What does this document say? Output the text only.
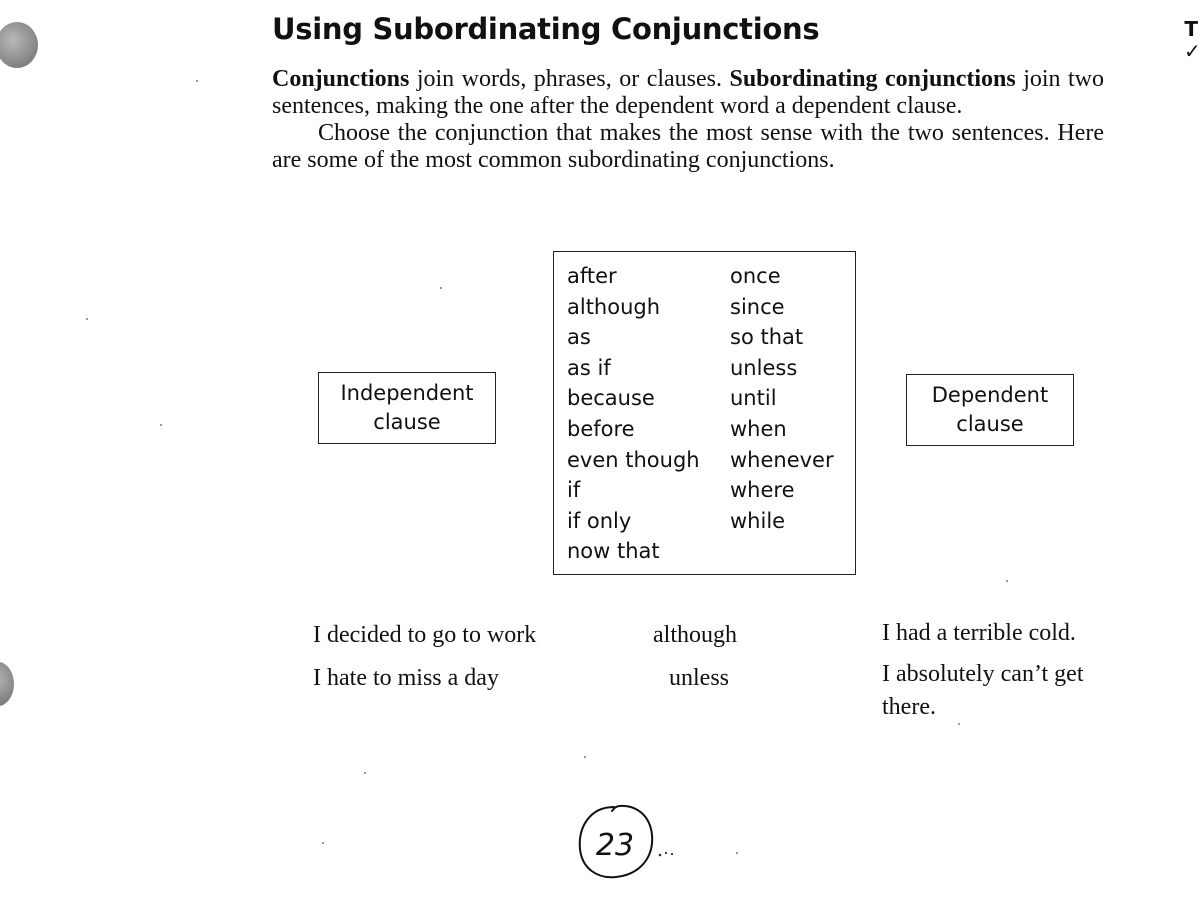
T
✓
Using Subordinating Conjunctions

Conjunctions join words, phrases, or clauses. Subordinating conjunctions join two sentences, making the one after the dependent word a dependent clause.

Choose the conjunction that makes the most sense with the two sentences. Here are some of the most common subordinating conjunctions.

Independent
clause
after
although
as
as if
because
before
even though
if
if only
now that
once
since
so that
unless
until
when
whenever
where
while
Dependent
clause
I decided to go to work	although	I had a terrible cold.
I hate to miss a day	unless	I absolutely can’t get there.
23
